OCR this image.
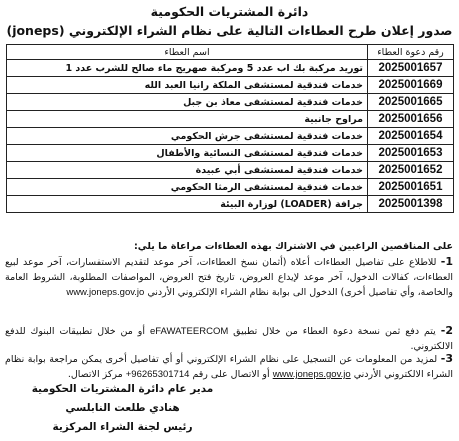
دائرة المشتريات الحكومية
صدور إعلان طرح العطاءات التالية على نظام الشراء الإلكتروني (joneps)
رقم دعوة العطاء	اسم العطاء
2025001657	توريد مركبة بك اب عدد 5 ومركبة صهريج ماء صالح للشرب عدد 1
2025001669	خدمات فندقية لمستشفى الملكة رانيا العبد الله
2025001665	خدمات فندقية لمستشفى معاذ بن جبل
2025001656	مراوح جانبية
2025001654	خدمات فندقية لمستشفى جرش الحكومي
2025001653	خدمات فندقية لمستشفى النسائية والأطفال
2025001652	خدمات فندقية لمستشفى أبي عبيدة
2025001651	خدمات فندقية لمستشفى الرمثا الحكومي
2025001398	جرافة (LOADER) لوزارة البيئة
على المناقصين الراغبين في الاشتراك بهذه العطاءات مراعاة ما يلي:
1- للاطلاع على تفاصيل العطاءات أعلاه (أثمان نسخ العطاءات، آخر موعد لتقديم الاستفسارات، آخر موعد لبيع العطاءات، كفالات الدخول، آخر موعد لإيداع العروض، تاريخ فتح العروض، المواصفات المطلوبة، الشروط العامة والخاصة، وأي تفاصيل أخرى) الدخول الى بوابة نظام الشراء الإلكتروني الأردني www.joneps.gov.jo
2- يتم دفع ثمن نسخة دعوة العطاء من خلال تطبيق eFAWATEERCOM أو من خلال تطبيقات البنوك للدفع الالكتروني.
3- لمزيد من المعلومات عن التسجيل على نظام الشراء الإلكتروني أو أي تفاصيل أخرى يمكن مراجعة بوابة نظام الشراء الالكتروني الأردني www.joneps.gov.jo أو الاتصال على رقم +96265301714 مركز الاتصال.
مدير عام دائرة المشتريات الحكومية
هنادي طلعت النابلسي
رئيس لجنة الشراء المركزية
